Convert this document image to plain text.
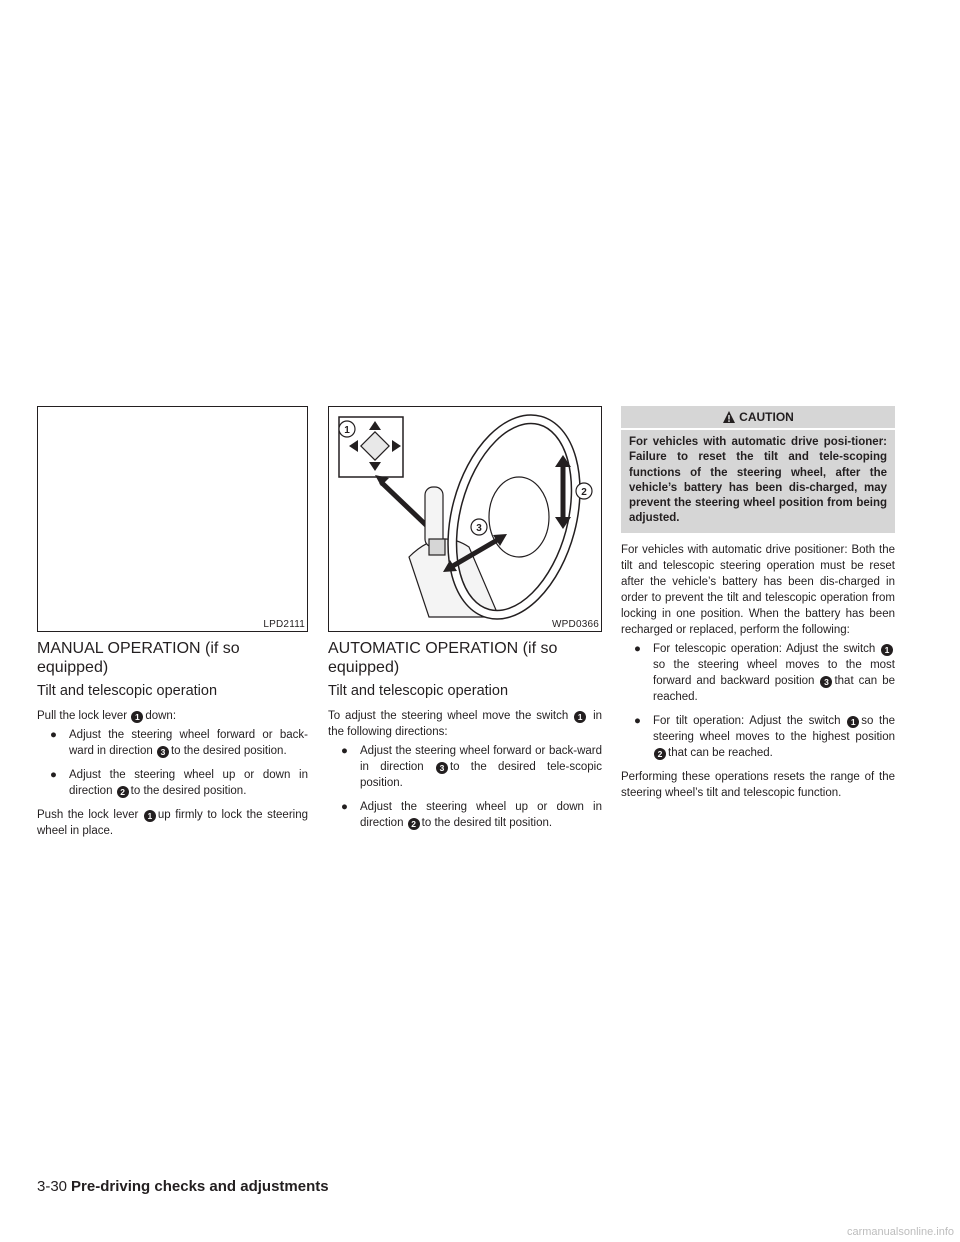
LPD2111
MANUAL OPERATION (if so equipped)
Tilt and telescopic operation

Pull the lock lever 1 down:

● Adjust the steering wheel forward or back-ward in direction 3 to the desired position.
● Adjust the steering wheel up or down in direction 2 to the desired position.

Push the lock lever 1 up firmly to lock the steering wheel in place.

1
2
3
WPD0366
AUTOMATIC OPERATION (if so equipped)
Tilt and telescopic operation

To adjust the steering wheel move the switch 1 in the following directions:

● Adjust the steering wheel forward or back-ward in direction 3 to the desired tele-scopic position.
● Adjust the steering wheel up or down in direction 2 to the desired tilt position.
CAUTION
For vehicles with automatic drive posi-tioner: Failure to reset the tilt and tele-scoping functions of the steering wheel, after the vehicle’s battery has been dis-charged, may prevent the steering wheel position from being adjusted.

For vehicles with automatic drive positioner: Both the tilt and telescopic steering operation must be reset after the vehicle’s battery has been dis-charged in order to prevent the tilt and telescopic operation from locking in one position. When the battery has been recharged or replaced, perform the following:

● For telescopic operation: Adjust the switch 1so the steering wheel moves to the most forward and backward position 3 that can be reached.
● For tilt operation: Adjust the switch 1 so the steering wheel moves to the highest position 2 that can be reached.

Performing these operations resets the range of the steering wheel’s tilt and telescopic function.

3-30 Pre-driving checks and adjustments
carmanualsonline.info
